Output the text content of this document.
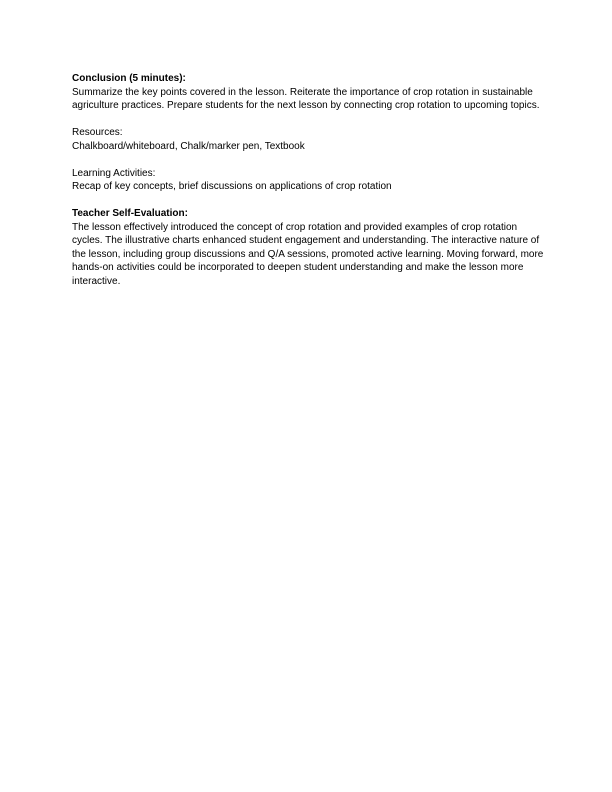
Conclusion (5 minutes):
Summarize the key points covered in the lesson. Reiterate the importance of crop rotation in sustainable agriculture practices. Prepare students for the next lesson by connecting crop rotation to upcoming topics.
Resources:
Chalkboard/whiteboard, Chalk/marker pen, Textbook
Learning Activities:
Recap of key concepts, brief discussions on applications of crop rotation
Teacher Self-Evaluation:
The lesson effectively introduced the concept of crop rotation and provided examples of crop rotation cycles. The illustrative charts enhanced student engagement and understanding. The interactive nature of the lesson, including group discussions and Q/A sessions, promoted active learning. Moving forward, more hands-on activities could be incorporated to deepen student understanding and make the lesson more interactive.
